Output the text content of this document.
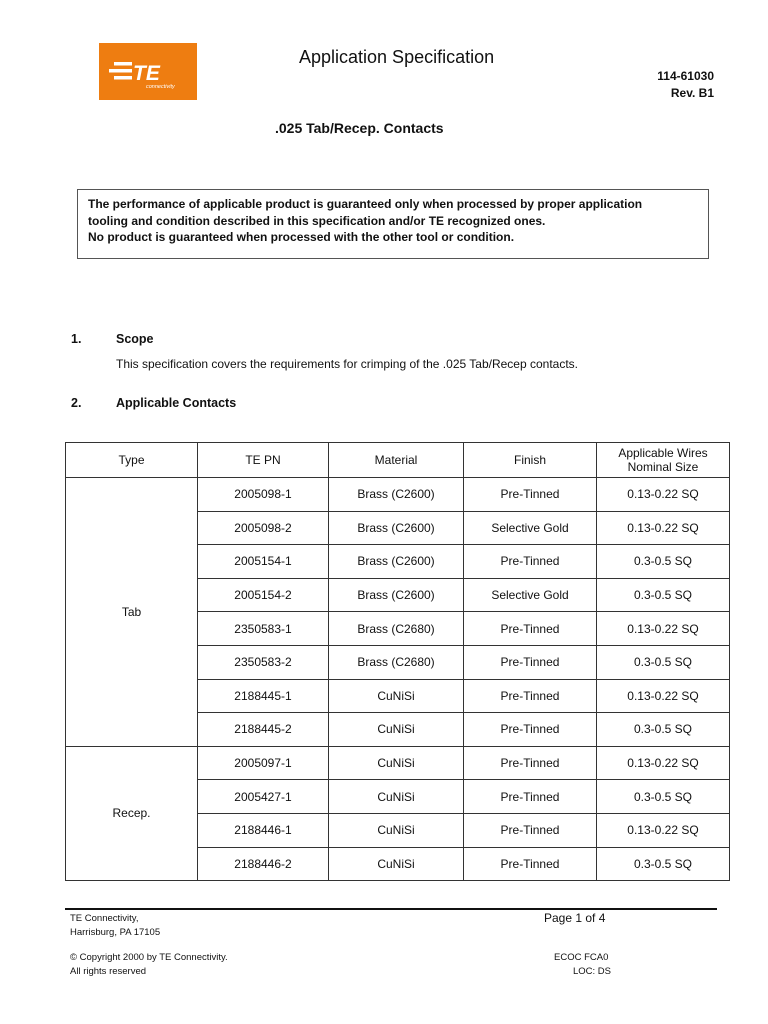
TE
connectivity
Application Specification
114-61030
Rev. B1
.025 Tab/Recep. Contacts

The performance of applicable product is guaranteed only when processed by proper application

tooling and condition described in this specification and/or TE recognized ones.

No product is guaranteed when processed with the other tool or condition.

1.	Scope
This specification covers the requirements for crimping of the .025 Tab/Recep contacts.
2.	Applicable Contacts
Type	TE PN	Material	Finish	Applicable Wires Nominal Size
Tab	2005098-1	Brass (C2600)	Pre-Tinned	0.13-0.22 SQ
	2005098-2	Brass (C2600)	Selective Gold	0.13-0.22 SQ
	2005154-1	Brass (C2600)	Pre-Tinned	0.3-0.5 SQ
	2005154-2	Brass (C2600)	Selective Gold	0.3-0.5 SQ
	2350583-1	Brass (C2680)	Pre-Tinned	0.13-0.22 SQ
	2350583-2	Brass (C2680)	Pre-Tinned	0.3-0.5 SQ
	2188445-1	CuNiSi	Pre-Tinned	0.13-0.22 SQ
	2188445-2	CuNiSi	Pre-Tinned	0.3-0.5 SQ
Recep.	2005097-1	CuNiSi	Pre-Tinned	0.13-0.22 SQ
	2005427-1	CuNiSi	Pre-Tinned	0.3-0.5 SQ
	2188446-1	CuNiSi	Pre-Tinned	0.13-0.22 SQ
	2188446-2	CuNiSi	Pre-Tinned	0.3-0.5 SQ
TE Connectivity,
Harrisburg, PA 17105
Page 1 of 4
© Copyright 2000 by TE Connectivity.
All rights reserved
ECOC FCA0
LOC: DS
